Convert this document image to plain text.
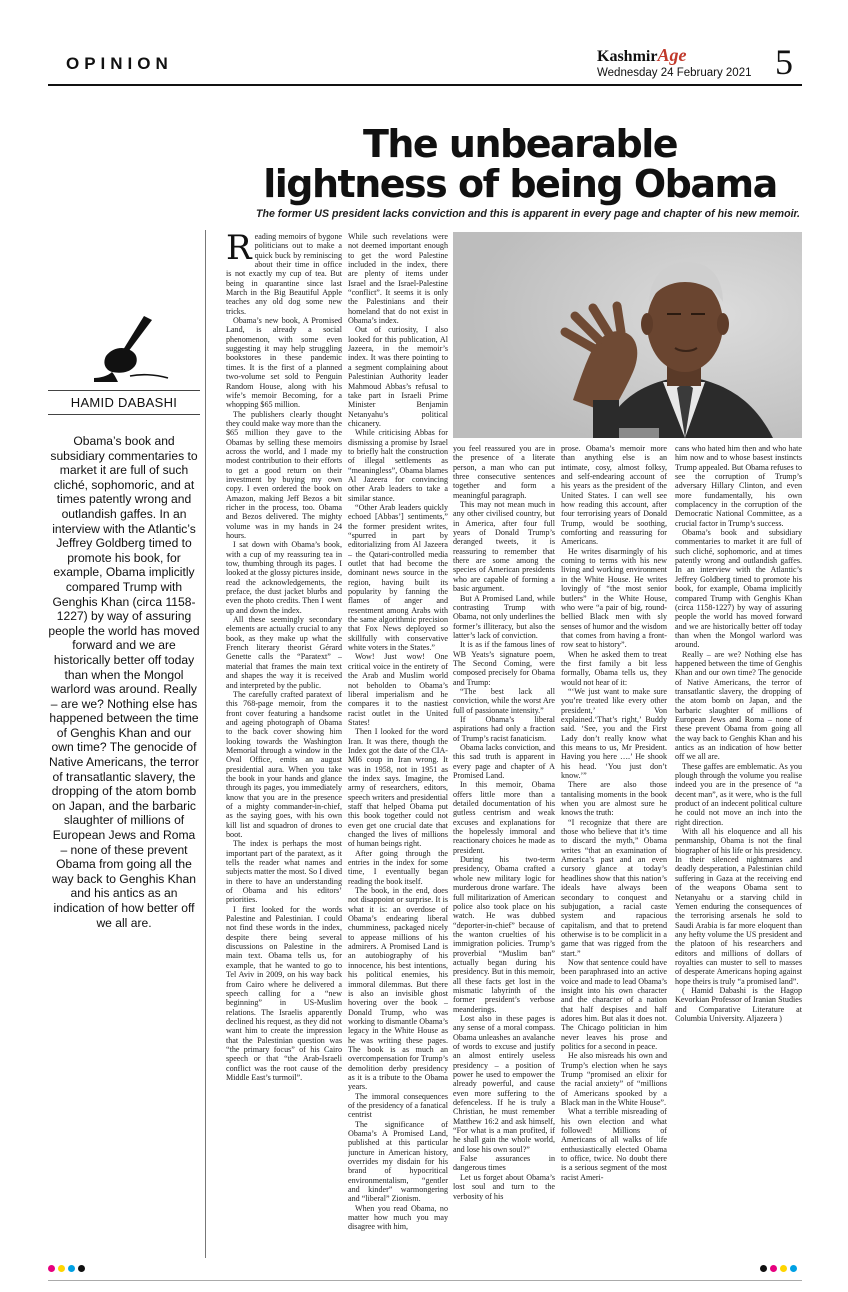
OPINION	KashmirAge
Wednesday 24 February 2021 5
The unbearable
lightness of being Obama
The former US president lacks conviction and this is apparent in every page and chapter of his new memoir.
HAMID DABASHI
Obama’s book and subsidiary commentaries to market it are full of such cliché, sophomoric, and at times patently wrong and outlandish gaffes. In an interview with the Atlantic’s Jeffrey Goldberg timed to promote his book, for example, Obama implicitly compared Trump with Genghis Khan (circa 1158-1227) by way of assuring people the world has moved forward and we are historically better off today than when the Mongol warlord was around. Really – are we? Nothing else has happened between the time of Genghis Khan and our own time? The genocide of Native Americans, the terror of transatlantic slavery, the dropping of the atom bomb on Japan, and the barbaric slaughter of millions of European Jews and Roma – none of these prevent Obama from going all the way back to Genghis Khan and his antics as an indication of how better off we all are.
R eading memoirs of bygone politicians out to make a quick buck by reminiscing about their time in office is not exactly my cup of tea. But being in quarantine since last March in the Big Beautiful Apple teaches any old dog some new tricks.

Obama’s new book, A Promised Land, is already a social phenomenon, with some even suggesting it may help struggling bookstores in these pandemic times. It is the first of a planned two-volume set sold to Penguin Random House, along with his wife’s memoir Becoming, for a whopping $65 million.

The publishers clearly thought they could make way more than the $65 million they gave to the Obamas by selling these memoirs across the world, and I made my modest contribution to their efforts to get a good return on their investment by buying my own copy. I even ordered the book on Amazon, making Jeff Bezos a bit richer in the process, too. Obama and Bezos delivered. The mighty volume was in my hands in 24 hours.

I sat down with Obama’s book, with a cup of my reassuring tea in tow, thumbing through its pages. I looked at the glossy pictures inside, read the acknowledgements, the preface, the dust jacket blurbs and even the photo credits. Then I went up and down the index.

All these seemingly secondary elements are actually crucial to any book, as they make up what the French literary theorist Gérard Genette calls the “Paratext” – material that frames the main text and shapes the way it is received and interpreted by the public.

The carefully crafted paratext of this 768-page memoir, from the front cover featuring a handsome and ageing photograph of Obama to the back cover showing him looking towards the Washington Memorial through a window in the Oval Office, emits an august presidential aura. When you take the book in your hands and glance through its pages, you immediately know that you are in the presence of a mighty commander-in-chief, as the saying goes, with his own kill list and squadron of drones to boot.

The index is perhaps the most important part of the paratext, as it tells the reader what names and subjects matter the most. So I dived in there to have an understanding of Obama and his editors’ priorities.

I first looked for the words Palestine and Palestinian. I could not find these words in the index, despite there being several discussions on Palestine in the main text. Obama tells us, for example, that he wanted to go to Tel Aviv in 2009, on his way back from Cairo where he delivered a speech calling for a “new beginning” in US-Muslim relations. The Israelis apparently declined his request, as they did not want him to create the impression that the Palestinian question was “the primary focus” of his Cairo speech or that “the Arab-Israeli conflict was the root cause of the Middle East’s turmoil”.

While such revelations were not deemed important enough to get the word Palestine included in the index, there are plenty of items under Israel and the Israel-Palestine “conflict”. It seems it is only the Palestinians and their homeland that do not exist in Obama’s index.

Out of curiosity, I also looked for this publication, Al Jazeera, in the memoir’s index. It was there pointing to a segment complaining about Palestinian Authority leader Mahmoud Abbas’s refusal to take part in Israeli Prime Minister Benjamin Netanyahu’s political chicanery.

While criticising Abbas for dismissing a promise by Israel to briefly halt the construction of illegal settlements as “meaningless”, Obama blames Al Jazeera for convincing other Arab leaders to take a similar stance.

“Other Arab leaders quickly echoed [Abbas’] sentiments,” the former president writes, “spurred in part by editorializing from Al Jazeera – the Qatari-controlled media outlet that had become the dominant news source in the region, having built its popularity by fanning the flames of anger and resentment among Arabs with the same algorithmic precision that Fox News deployed so skillfully with conservative white voters in the States.”

Wow! Just wow! One critical voice in the entirety of the Arab and Muslim world not beholden to Obama’s liberal imperialism and he compares it to the nastiest racist outlet in the United States!

Then I looked for the word Iran. It was there, though the Index got the date of the CIA-MI6 coup in Iran wrong. It was in 1958, not in 1951 as the index says. Imagine, the army of researchers, editors, speech writers and presidential staff that helped Obama put this book together could not even get one crucial date that changed the lives of millions of human beings right.

After going through the entries in the index for some time, I eventually began reading the book itself.

The book, in the end, does not disappoint or surprise. It is what it is: an overdose of Obama’s endearing liberal chumminess, packaged nicely to appease millions of his admirers. A Promised Land is an autobiography of his innocence, his best intentions, his political enemies, his immoral dilemmas. But there is also an invisible ghost hovering over the book – Donald Trump, who was working to dismantle Obama’s legacy in the White House as he was writing these pages. The book is as much an overcompensation for Trump’s demolition derby presidency as it is a tribute to the Obama years.

The immoral consequences of the presidency of a fanatical centrist

The significance of Obama’s A Promised Land, published at this particular juncture in American history, overrides my disdain for his brand of hypocritical environmentalism, “gentler and kinder” warmongering and “liberal” Zionism.

When you read Obama, no matter how much you may disagree with him,

you feel reassured you are in the presence of a literate person, a man who can put three consecutive sentences together and form a meaningful paragraph.

This may not mean much in any other civilised country, but in America, after four full years of Donald Trump’s deranged tweets, it is reassuring to remember that there are some among the species of American presidents who are capable of forming a basic argument.

But A Promised Land, while contrasting Trump with Obama, not only underlines the former’s illiteracy, but also the latter’s lack of conviction.

It is as if the famous lines of WB Yeats’s signature poem, The Second Coming, were composed precisely for Obama and Trump:

“The best lack all conviction, while the worst Are full of passionate intensity.”

If Obama’s liberal aspirations had only a fraction of Trump’s racist fanaticism.

Obama lacks conviction, and this sad truth is apparent in every page and chapter of A Promised Land.

In this memoir, Obama offers little more than a detailed documentation of his gutless centrism and weak excuses and explanations for the hopelessly immoral and reactionary choices he made as president.

During his two-term presidency, Obama crafted a whole new military logic for murderous drone warfare. The full militarization of American police also took place on his watch. He was dubbed “deporter-in-chief” because of the wanton cruelties of his immigration policies. Trump’s proverbial “Muslim ban” actually began during his presidency. But in this memoir, all these facts get lost in the mismatic labyrinth of the former president’s verbose meanderings.

Lost also in these pages is any sense of a moral compass. Obama unleashes an avalanche of words to excuse and justify an almost entirely useless presidency – a position of power he used to empower the already powerful, and cause even more suffering to the defenceless. If he is truly a Christian, he must remember Matthew 16:2 and ask himself, “For what is a man profited, if he shall gain the whole world, and lose his own soul?”

False assurances in dangerous times

Let us forget about Obama’s lost soul and turn to the verbosity of his

prose. Obama’s memoir more than anything else is an intimate, cosy, almost folksy, and self-endearing account of his years as the president of the United States. I can well see how reading this account, after four terrorising years of Donald Trump, would be soothing, comforting and reassuring for Americans.

He writes disarmingly of his coming to terms with his new living and working environment in the White House. He writes lovingly of “the most senior butlers” in the White House, who were “a pair of big, round-bellied Black men with sly senses of humor and the wisdom that comes from having a front-row seat to history”.

When he asked them to treat the first family a bit less formally, Obama tells us, they would not hear of it:

“‘We just want to make sure you’re treated like every other president,’ Von explained.‘That’s right,’ Buddy said. ‘See, you and the First Lady don’t really know what this means to us, Mr President. Having you here ….’ He shook his head. ‘You just don’t know.’”

There are also those tantalising moments in the book when you are almost sure he knows the truth:

“I recognize that there are those who believe that it’s time to discard the myth,” Obama writes “that an examination of America’s past and an even cursory glance at today’s headlines show that this nation’s ideals have always been secondary to conquest and subjugation, a racial caste system and rapacious capitalism, and that to pretend otherwise is to be complicit in a game that was rigged from the start.”

Now that sentence could have been paraphrased into an active voice and made to lead Obama’s insight into his own character and the character of a nation that half despises and half adores him. But alas it does not. The Chicago politician in him never leaves his prose and politics for a second in peace.

He also misreads his own and Trump’s election when he says Trump “promised an elixir for the racial anxiety” of “millions of Americans spooked by a Black man in the White House”.

What a terrible misreading of his own election and what followed! Millions of Americans of all walks of life enthusiastically elected Obama to office, twice. No doubt there is a serious segment of the most racist Ameri-

cans who hated him then and who hate him now and to whose basest instincts Trump appealed. But Obama refuses to see the corruption of Trump’s adversary Hillary Clinton, and even more fundamentally, his own complacency in the corruption of the Democratic National Committee, as a crucial factor in Trump’s success.

Obama’s book and subsidiary commentaries to market it are full of such cliché, sophomoric, and at times patently wrong and outlandish gaffes. In an interview with the Atlantic’s Jeffrey Goldberg timed to promote his book, for example, Obama implicitly compared Trump with Genghis Khan (circa 1158-1227) by way of assuring people the world has moved forward and we are historically better off today than when the Mongol warlord was around.

Really – are we? Nothing else has happened between the time of Genghis Khan and our own time? The genocide of Native Americans, the terror of transatlantic slavery, the dropping of the atom bomb on Japan, and the barbaric slaughter of millions of European Jews and Roma – none of these prevent Obama from going all the way back to Genghis Khan and his antics as an indication of how better off we all are.

These gaffes are emblematic. As you plough through the volume you realise indeed you are in the presence of “a decent man”, as it were, who is the full product of an indecent political culture he could not move an inch into the right direction.

With all his eloquence and all his penmanship, Obama is not the final biographer of his life or his presidency. In their silenced nightmares and deadly desperation, a Palestinian child suffering in Gaza at the receiving end of the weapons Obama sent to Netanyahu or a starving child in Yemen enduring the consequences of the terrorising arsenals he sold to Saudi Arabia is far more eloquent than any hefty volume the US president and the platoon of his researchers and editors and millions of dollars of royalties can muster to sell to masses of desperate Americans hoping against hope theirs is truly “a promised land”.

( Hamid Dabashi is the Hagop Kevorkian Professor of Iranian Studies and Comparative Literature at Columbia University. Aljazeera )
